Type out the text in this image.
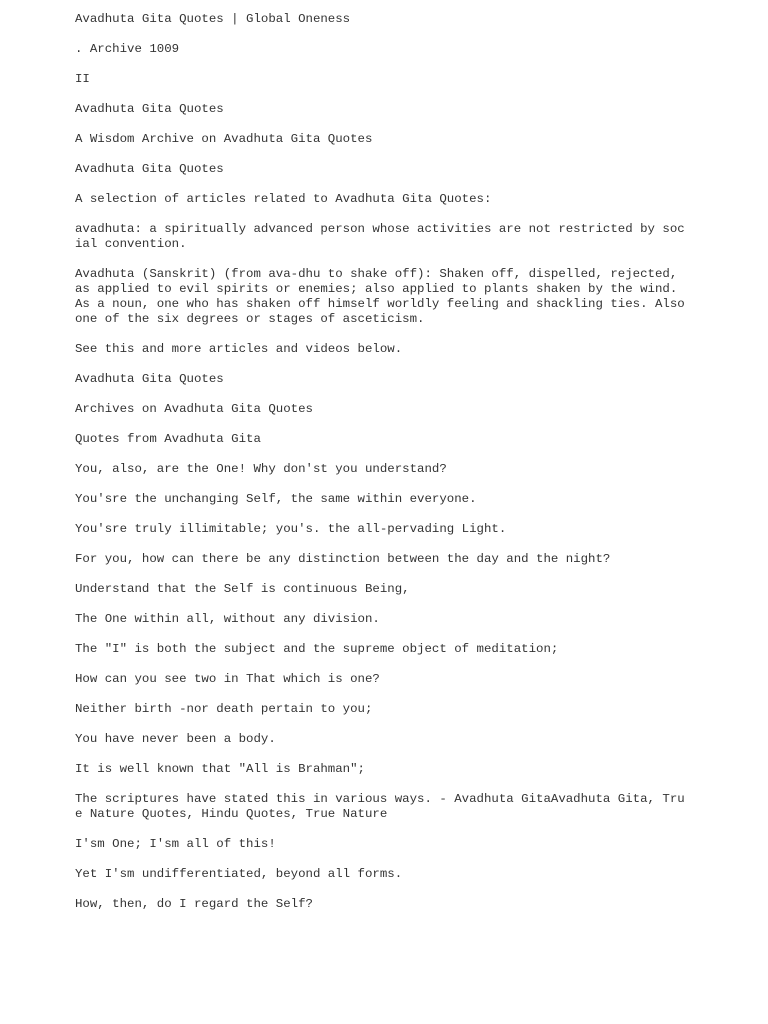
Avadhuta Gita Quotes | Global Oneness

. Archive 1009

II

Avadhuta Gita Quotes

A Wisdom Archive on Avadhuta Gita Quotes

Avadhuta Gita Quotes

A selection of articles related to Avadhuta Gita Quotes:

avadhuta: a spiritually advanced person whose activities are not restricted by social convention.

Avadhuta (Sanskrit) (from ava-dhu to shake off): Shaken off, dispelled, rejected, as applied to evil spirits or enemies; also applied to plants shaken by the wind. As a noun, one who has shaken off himself worldly feeling and shackling ties. Also one of the six degrees or stages of asceticism.

See this and more articles and videos below.

Avadhuta Gita Quotes

Archives on Avadhuta Gita Quotes

Quotes from Avadhuta Gita

You, also, are the One! Why don'st you understand?

You'sre the unchanging Self, the same within everyone.

You'sre truly illimitable; you's. the all-pervading Light.

For you, how can there be any distinction between the day and the night?

Understand that the Self is continuous Being,

The One within all, without any division.

The "I" is both the subject and the supreme object of meditation;

How can you see two in That which is one?

Neither birth -nor death pertain to you;

You have never been a body.

It is well known that "All is Brahman";

The scriptures have stated this in various ways. - Avadhuta GitaAvadhuta Gita, True Nature Quotes, Hindu Quotes, True Nature

I'sm One; I'sm all of this!

Yet I'sm undifferentiated, beyond all forms.

How, then, do I regard the Self?
